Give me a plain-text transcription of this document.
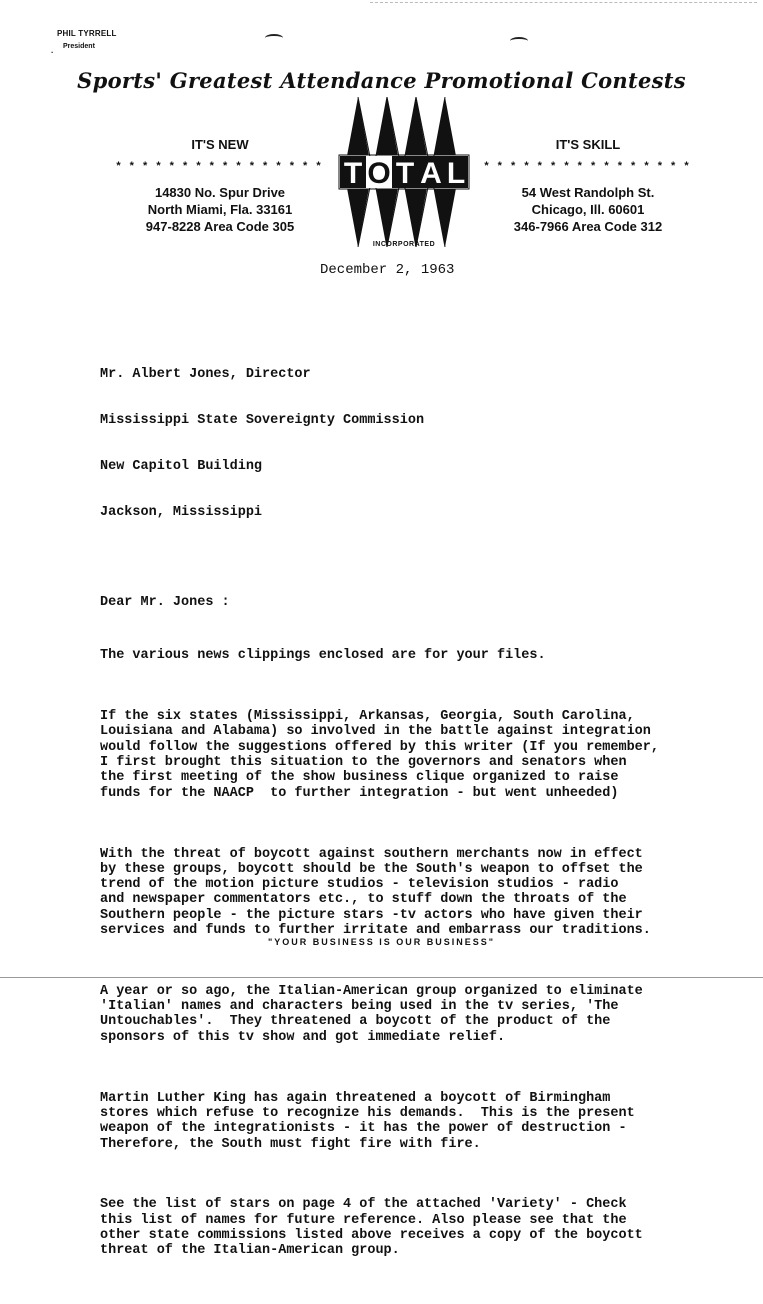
PHIL TYRRELL
.	President
Sports' Greatest Attendance Promotional Contests
IT'S NEW
* * * * * * * * * * * * * * * *
14830 No. Spur Drive
North Miami, Fla. 33161
947-8228 Area Code 305
T O T A L
INCORPORATED
IT'S SKILL
* * * * * * * * * * * * * * * *
54 West Randolph St.
Chicago, Ill. 60601
346-7966 Area Code 312
December 2, 1963

Mr. Albert Jones, Director

Mississippi State Sovereignty Commission

New Capitol Building

Jackson, Mississippi

Dear Mr. Jones :

The various news clippings enclosed are for your files.

If the six states (Mississippi, Arkansas, Georgia, South Carolina,
Louisiana and Alabama) so involved in the battle against integration
would follow the suggestions offered by this writer (If you remember,
I first brought this situation to the governors and senators when
the first meeting of the show business clique organized to raise
funds for the NAACP  to further integration - but went unheeded)

With the threat of boycott against southern merchants now in effect
by these groups, boycott should be the South's weapon to offset the
trend of the motion picture studios - television studios - radio
and newspaper commentators etc., to stuff down the throats of the
Southern people - the picture stars -tv actors who have given their
services and funds to further irritate and embarrass our traditions.

A year or so ago, the Italian-American group organized to eliminate
'Italian' names and characters being used in the tv series, 'The
Untouchables'.  They threatened a boycott of the product of the
sponsors of this tv show and got immediate relief.

Martin Luther King has again threatened a boycott of Birmingham
stores which refuse to recognize his demands.  This is the present
weapon of the integrationists - it has the power of destruction -
Therefore, the South must fight fire with fire.

See the list of stars on page 4 of the attached 'Variety' - Check
this list of names for future reference. Also please see that the
other state commissions listed above receives a copy of the boycott
threat of the Italian-American group.

"YOUR BUSINESS IS OUR BUSINESS"
